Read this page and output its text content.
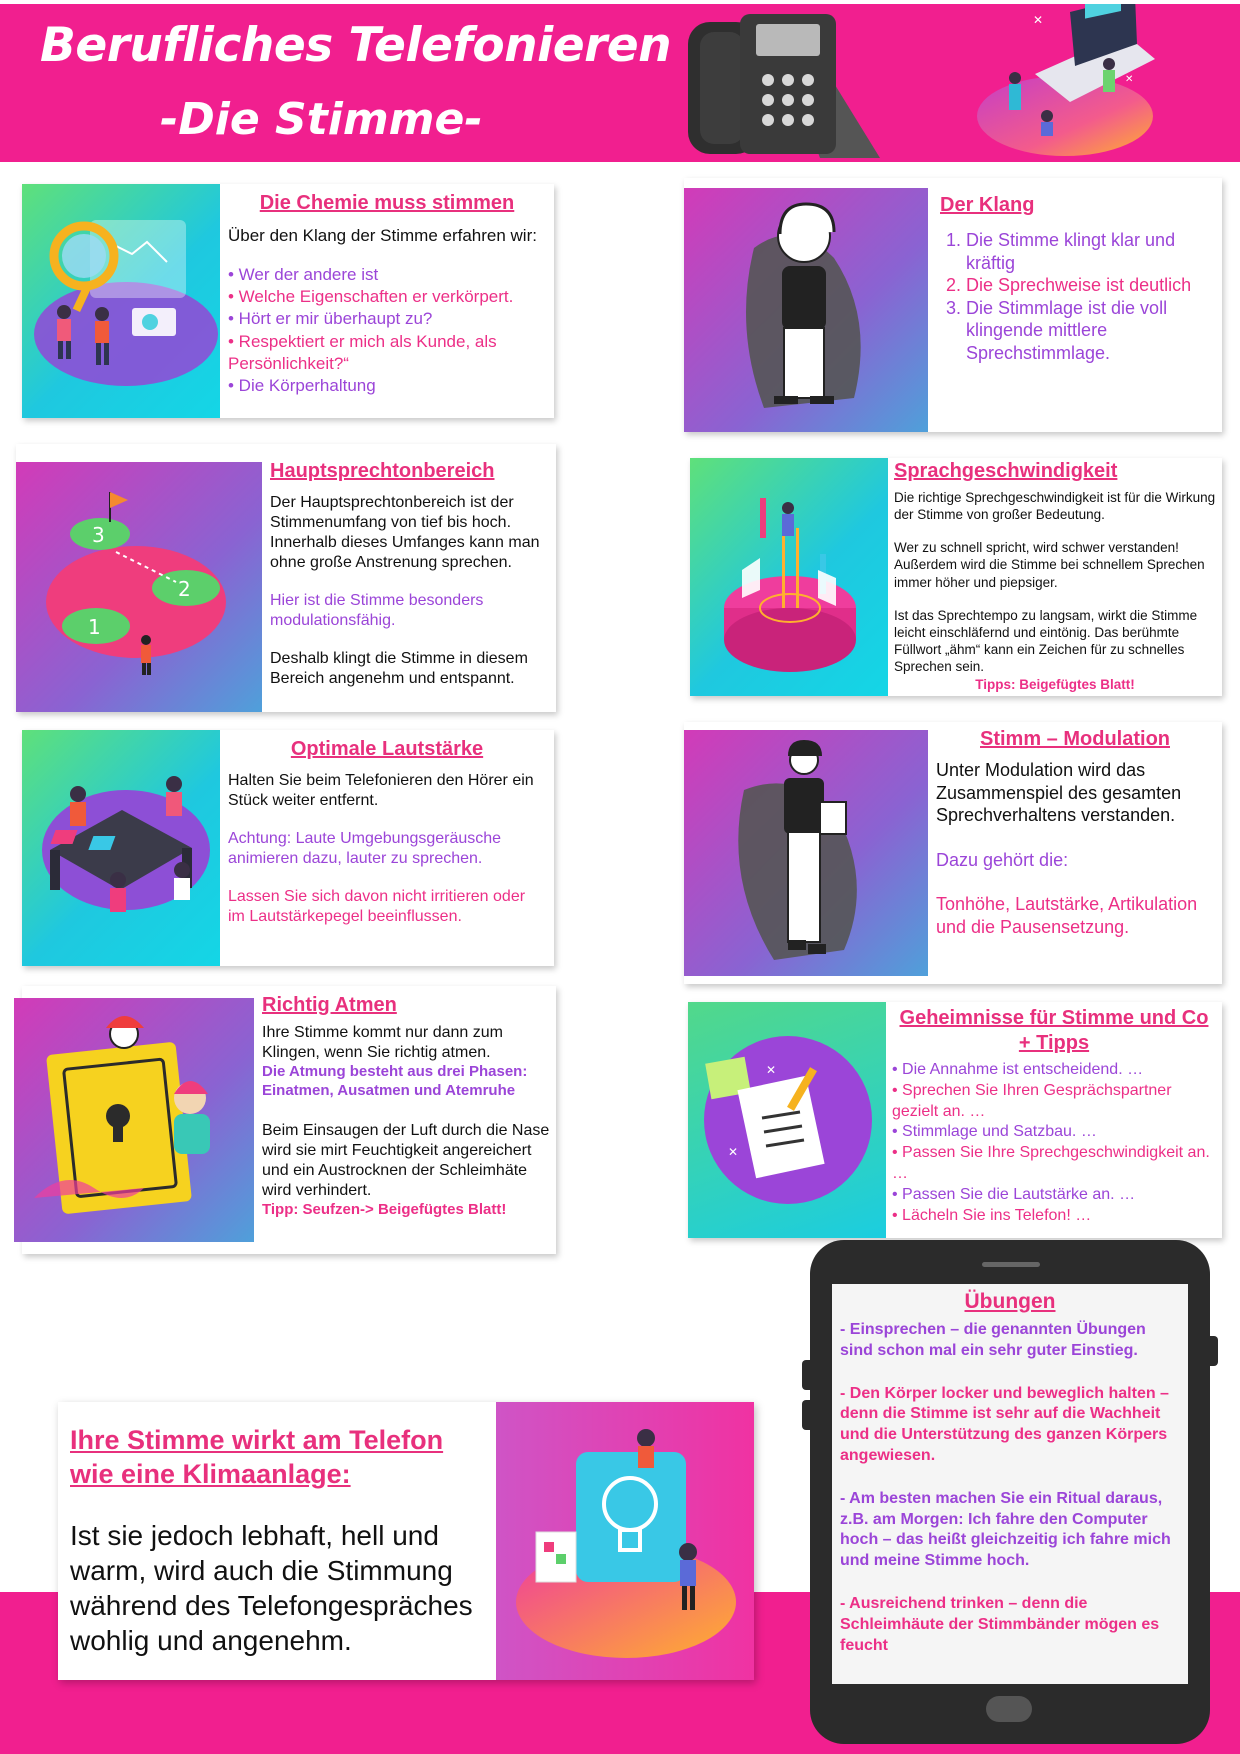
Berufliches Telefonieren
-Die Stimme-
✕
✕
Die Chemie muss stimmen
Über den Klang der Stimme erfahren wir:
• Wer der andere ist
• Welche Eigenschaften er verkörpert.
• Hört er mir überhaupt zu?
• Respektiert er mich als Kunde, als Persönlichkeit?“
• Die Körperhaltung
Der Klang
1. Die Stimme klingt klar und kräftig
2. Die Sprechweise ist deutlich
3. Die Stimmlage ist die voll klingende mittlere Sprechstimmlage.
3
2
1
Hauptsprechtonbereich
Der Hauptsprechtonbereich ist der Stimmenumfang von tief bis hoch. Innerhalb dieses Umfanges kann man ohne große Anstrenung sprechen.
Hier ist die Stimme besonders modulationsfähig.
Deshalb klingt die Stimme in diesem Bereich angenehm und entspannt.
Sprachgeschwindigkeit
Die richtige Sprechgeschwindigkeit ist für die Wirkung der Stimme von großer Bedeutung.
Wer zu schnell spricht, wird schwer verstanden! Außerdem wird die Stimme bei schnellem Sprechen immer höher und piepsiger.
Ist das Sprechtempo zu langsam, wirkt die Stimme leicht einschläfernd und eintönig. Das berühmte Füllwort „ähm“ kann ein Zeichen für zu schnelles Sprechen sein.
Tipps: Beigefügtes Blatt!
Optimale Lautstärke
Halten Sie beim Telefonieren den Hörer ein Stück weiter entfernt.
Achtung: Laute Umgebungsgeräusche animieren dazu, lauter zu sprechen.
Lassen Sie sich davon nicht irritieren oder im Lautstärkepegel beeinflussen.
Stimm – Modulation
Unter Modulation wird das Zusammenspiel des gesamten Sprechverhaltens verstanden.
Dazu gehört die:
Tonhöhe, Lautstärke, Artikulation und die Pausensetzung.
Richtig Atmen
Ihre Stimme kommt nur dann zum Klingen, wenn Sie richtig atmen.
Die Atmung besteht aus drei Phasen: Einatmen, Ausatmen und Atemruhe
Beim Einsaugen der Luft durch die Nase wird sie mirt Feuchtigkeit angereichert und ein Austrocknen der Schleimhäte wird verhindert.
Tipp: Seufzen-> Beigefügtes Blatt!
✕
✕
Geheimnisse für Stimme und Co + Tipps
• Die Annahme ist entscheidend. …
• Sprechen Sie Ihren Gesprächspartner gezielt an. …
• Stimmlage und Satzbau. …
• Passen Sie Ihre Sprechgeschwindigkeit an. …
• Passen Sie die Lautstärke an. …
• Lächeln Sie ins Telefon! …
Ihre Stimme wirkt am Telefon wie eine Klimaanlage:
Ist sie jedoch lebhaft, hell und warm, wird auch die Stimmung während des Telefongespräches wohlig und angenehm.
Übungen
- Einsprechen – die genannten Übungen sind schon mal ein sehr guter Einstieg.
- Den Körper locker und beweglich halten – denn die Stimme ist sehr auf die Wachheit und die Unterstützung des ganzen Körpers angewiesen.
- Am besten machen Sie ein Ritual daraus, z.B. am Morgen: Ich fahre den Computer hoch – das heißt gleichzeitig ich fahre mich und meine Stimme hoch.
- Ausreichend trinken – denn die Schleimhäute der Stimmbänder mögen es feucht
